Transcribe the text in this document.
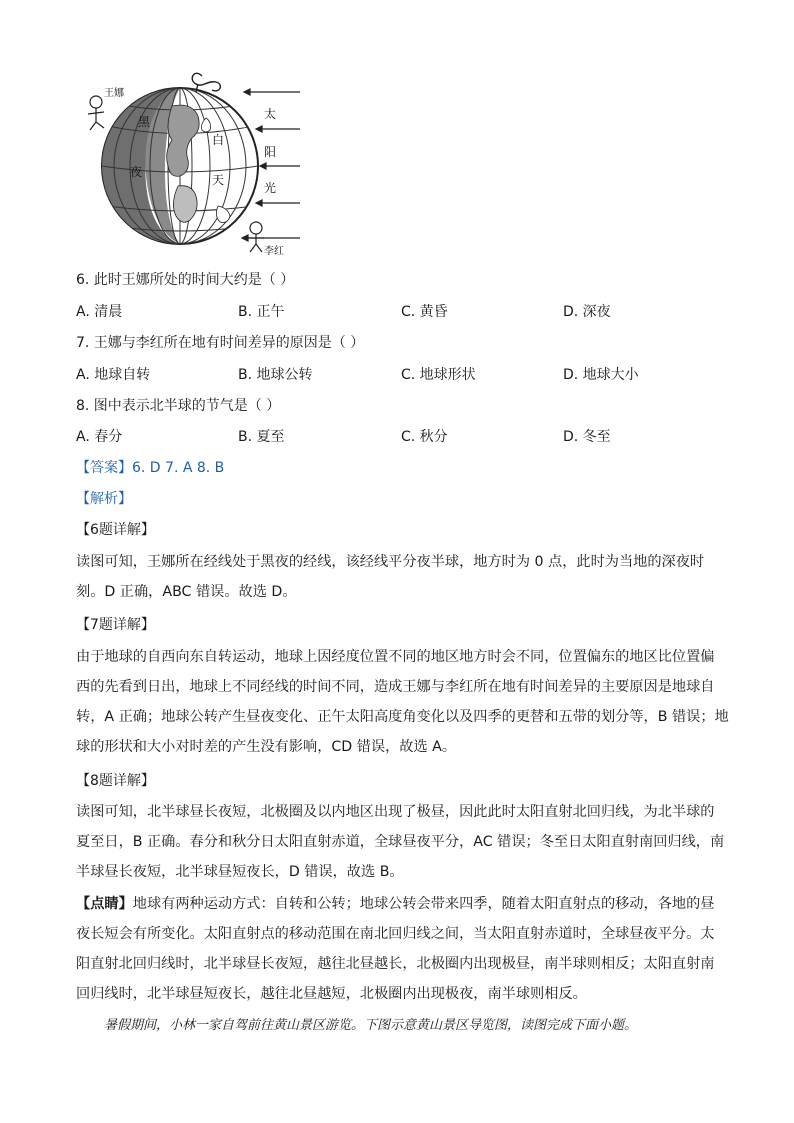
王娜
李红
黑
夜
白
天
太
阳
光
6. 此时王娜所处的时间大约是（ ）
A. 清晨	B. 正午	C. 黄昏	D. 深夜
7. 王娜与李红所在地有时间差异的原因是（ ）
A. 地球自转	B. 地球公转	C. 地球形状	D. 地球大小
8. 图中表示北半球的节气是（ ）
A. 春分	B. 夏至	C. 秋分	D. 冬至
【答案】6. D 7. A 8. B
【解析】
【6题详解】
读图可知，王娜所在经线处于黑夜的经线，该经线平分夜半球，地方时为 0 点，此时为当地的深夜时
刻。D 正确，ABC 错误。故选 D。
【7题详解】
由于地球的自西向东自转运动，地球上因经度位置不同的地区地方时会不同，位置偏东的地区比位置偏
西的先看到日出，地球上不同经线的时间不同，造成王娜与李红所在地有时间差异的主要原因是地球自
转，A 正确；地球公转产生昼夜变化、正午太阳高度角变化以及四季的更替和五带的划分等，B 错误；地
球的形状和大小对时差的产生没有影响，CD 错误，故选 A。
【8题详解】
读图可知，北半球昼长夜短，北极圈及以内地区出现了极昼，因此此时太阳直射北回归线，为北半球的
夏至日，B 正确。春分和秋分日太阳直射赤道，全球昼夜平分，AC 错误；冬至日太阳直射南回归线，南
半球昼长夜短，北半球昼短夜长，D 错误，故选 B。
【点睛】地球有两种运动方式：自转和公转；地球公转会带来四季，随着太阳直射点的移动，各地的昼
夜长短会有所变化。太阳直射点的移动范围在南北回归线之间，当太阳直射赤道时，全球昼夜平分。太
阳直射北回归线时，北半球昼长夜短，越往北昼越长，北极圈内出现极昼，南半球则相反；太阳直射南
回归线时，北半球昼短夜长，越往北昼越短，北极圈内出现极夜，南半球则相反。
暑假期间，小林一家自驾前往黄山景区游览。下图示意黄山景区导览图，读图完成下面小题。
